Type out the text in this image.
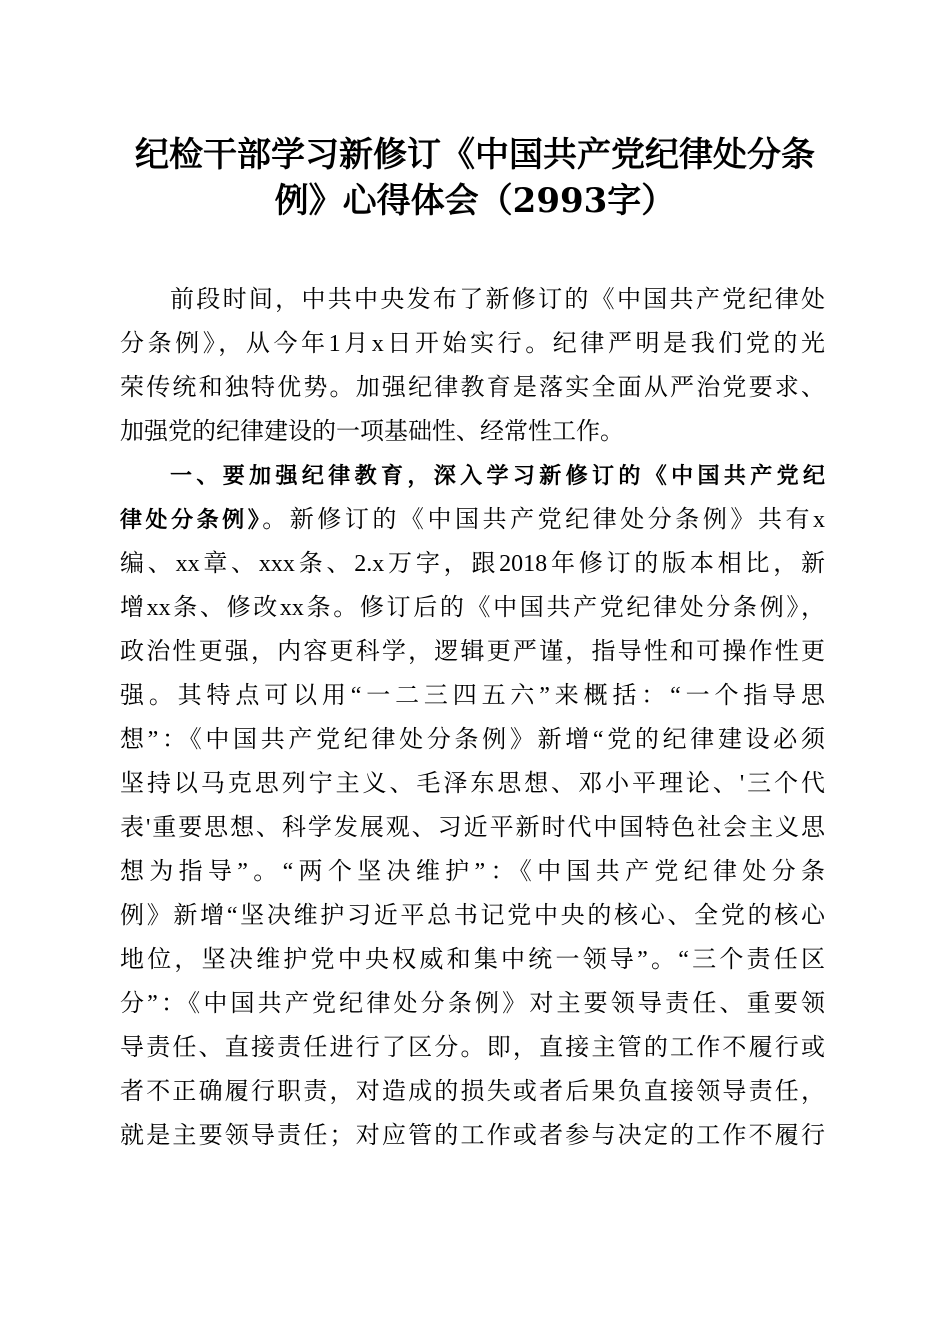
纪检干部学习新修订《中国共产党纪律处分条
例》心得体会（2993字）
前段时间，中共中央发布了新修订的《中国共产党纪律处
分条例》，从今年1月x日开始实行。纪律严明是我们党的光
荣传统和独特优势。加强纪律教育是落实全面从严治党要求、
加强党的纪律建设的一项基础性、经常性工作。
一、要加强纪律教育，深入学习新修订的《中国共产党纪
律处分条例》。新修订的《中国共产党纪律处分条例》共有x
编、xx章、xxx条、2.x万字，跟2018年修订的版本相比，新
增xx条、修改xx条。修订后的《中国共产党纪律处分条例》，
政治性更强，内容更科学，逻辑更严谨，指导性和可操作性更
强。其特点可以用“一二三四五六”来概括：“一个指导思
想”：《中国共产党纪律处分条例》新增“党的纪律建设必须
坚持以马克思列宁主义、毛泽东思想、邓小平理论、'三个代
表'重要思想、科学发展观、习近平新时代中国特色社会主义思
想为指导”。“两个坚决维护”：《中国共产党纪律处分条
例》新增“坚决维护习近平总书记党中央的核心、全党的核心
地位，坚决维护党中央权威和集中统一领导”。“三个责任区
分”：《中国共产党纪律处分条例》对主要领导责任、重要领
导责任、直接责任进行了区分。即，直接主管的工作不履行或
者不正确履行职责，对造成的损失或者后果负直接领导责任，
就是主要领导责任；对应管的工作或者参与决定的工作不履行
